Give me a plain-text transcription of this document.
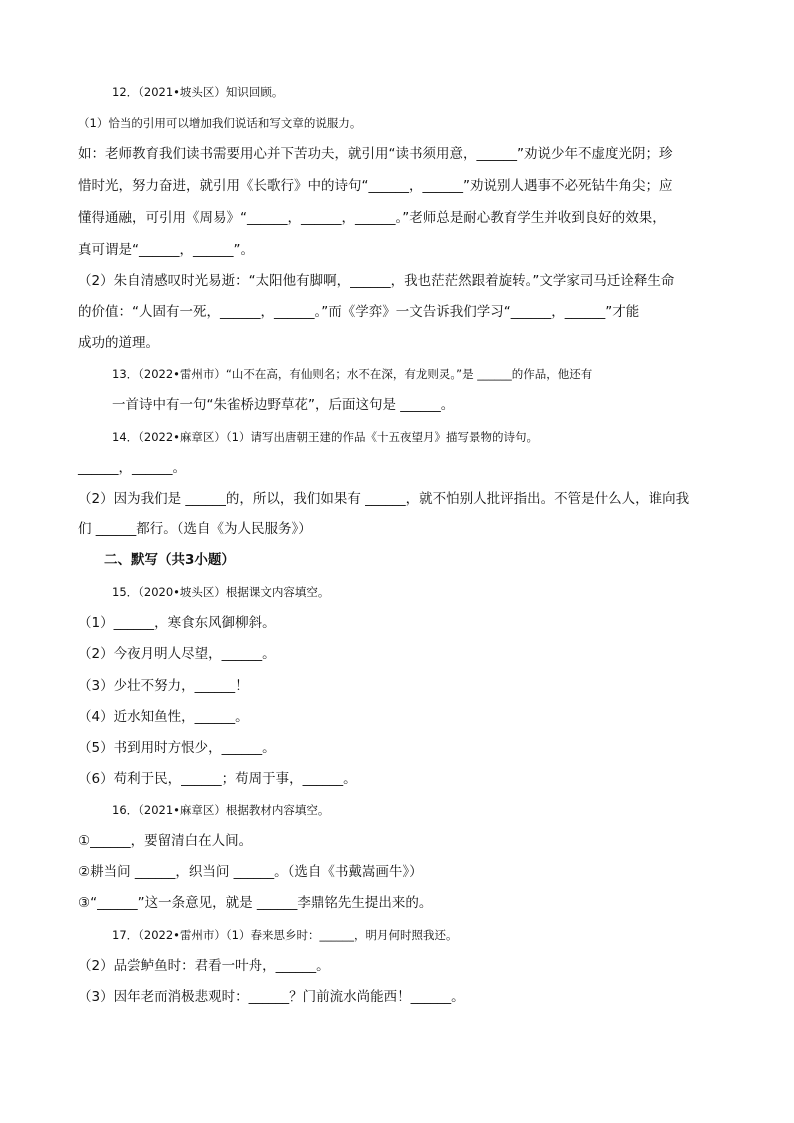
12．（2021•坡头区）知识回顾。
（1）恰当的引用可以增加我们说话和写文章的说服力。
如：老师教育我们读书需要用心并下苦功夫，就引用“读书须用意，______”劝说少年不虚度光阴；珍
惜时光，努力奋进，就引用《长歌行》中的诗句“______，______”劝说别人遇事不必死钻牛角尖；应
懂得通融，可引用《周易》“______，______，______。”老师总是耐心教育学生并收到良好的效果，
真可谓是“______，______”。
（2）朱自清感叹时光易逝：“太阳他有脚啊，______，我也茫茫然跟着旋转。”文学家司马迁诠释生命
的价值：“人固有一死，______，______。”而《学弈》一文告诉我们学习“______，______”才能
成功的道理。
13．（2022•雷州市）“山不在高，有仙则名；水不在深，有龙则灵。”是 ______的作品，他还有
一首诗中有一句“朱雀桥边野草花”，后面这句是 ______。
14．（2022•麻章区）（1）请写出唐朝王建的作品《十五夜望月》描写景物的诗句。
______，______。
（2）因为我们是 ______的，所以，我们如果有 ______，就不怕别人批评指出。不管是什么人，谁向我
们 ______都行。（选自《为人民服务》）
二、默写（共3小题）
15．（2020•坡头区）根据课文内容填空。
（1）______，寒食东风御柳斜。
（2）今夜月明人尽望，______。
（3）少壮不努力，______！
（4）近水知鱼性，______。
（5）书到用时方恨少，______。
（6）苟利于民，______；苟周于事，______。
16．（2021•麻章区）根据教材内容填空。
①______，要留清白在人间。
②耕当问 ______，织当问 ______。（选自《书戴嵩画牛》）
③“______”这一条意见，就是 ______李鼎铭先生提出来的。
17．（2022•雷州市）（1）春来思乡时：______，明月何时照我还。
（2）品尝鲈鱼时：君看一叶舟，______。
（3）因年老而消极悲观时：______？门前流水尚能西！______。
